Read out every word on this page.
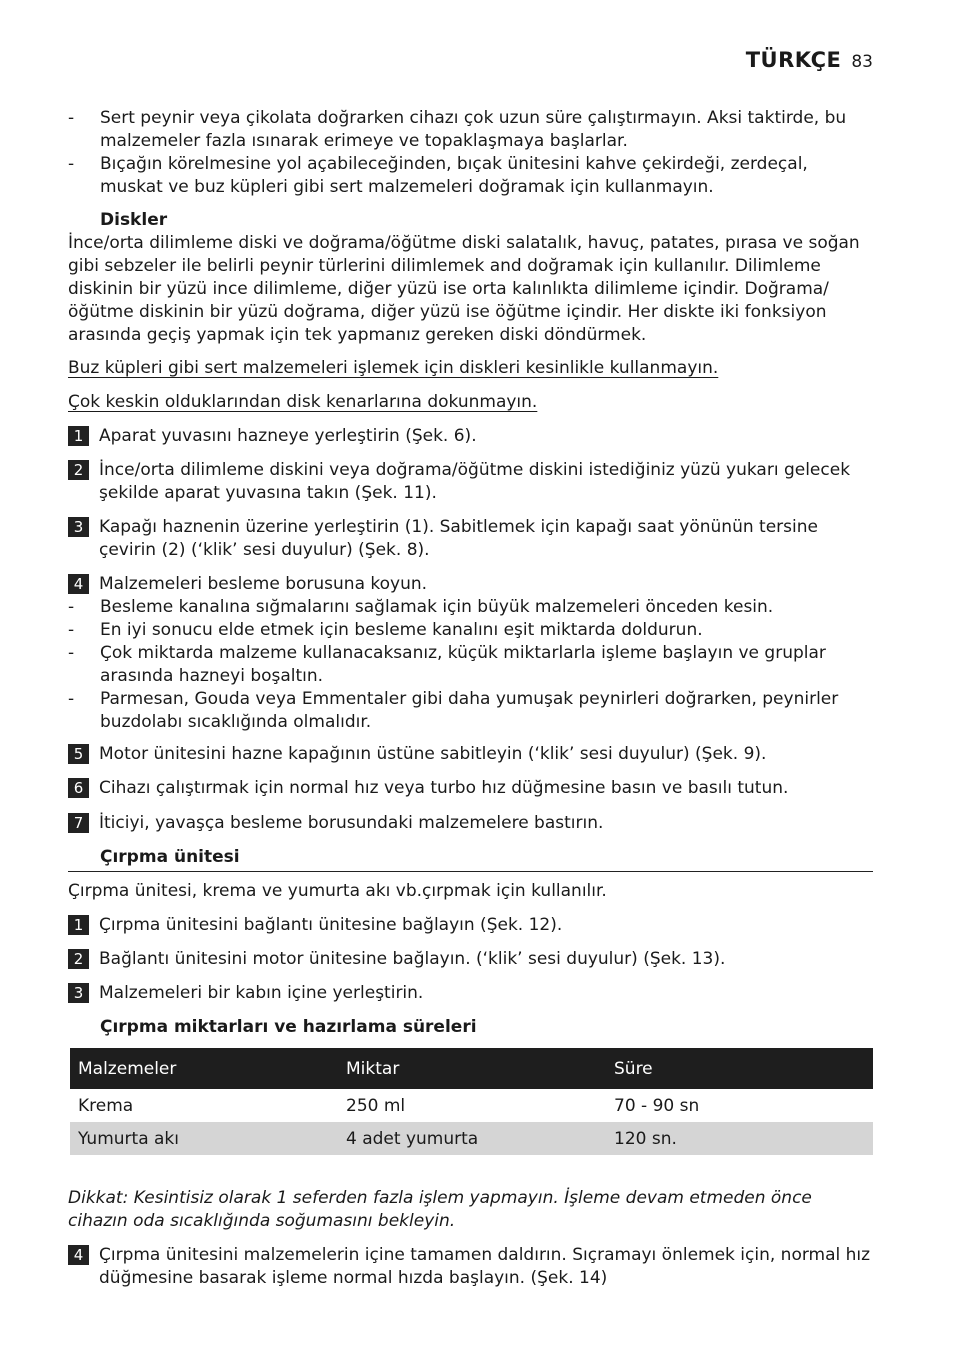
TÜRKÇE 83
-	Sert peynir veya çikolata doğrarken cihazı çok uzun süre çalıştırmayın. Aksi taktirde, bu malzemeler fazla ısınarak erimeye ve topaklaşmaya başlarlar.
-	Bıçağın körelmesine yol açabileceğinden, bıçak ünitesini kahve çekirdeği, zerdeçal, muskat ve buz küpleri gibi sert malzemeleri doğramak için kullanmayın.
Diskler
İnce/orta dilimleme diski ve doğrama/öğütme diski salatalık, havuç, patates, pırasa ve soğan gibi sebzeler ile belirli peynir türlerini dilimlemek and doğramak için kullanılır. Dilimleme diskinin bir yüzü ince dilimleme, diğer yüzü ise orta kalınlıkta dilimleme içindir. Doğrama/öğütme diskinin bir yüzü doğrama, diğer yüzü ise öğütme içindir. Her diskte iki fonksiyon arasında geçiş yapmak için tek yapmanız gereken diski döndürmek.
Buz küpleri gibi sert malzemeleri işlemek için diskleri kesinlikle kullanmayın.
Çok keskin olduklarından disk kenarlarına dokunmayın.
1 Aparat yuvasını hazneye yerleştirin (Şek. 6).
2 İnce/orta dilimleme diskini veya doğrama/öğütme diskini istediğiniz yüzü yukarı gelecek şekilde aparat yuvasına takın (Şek. 11).
3 Kapağı haznenin üzerine yerleştirin (1). Sabitlemek için kapağı saat yönünün tersine çevirin (2) (‘klik’ sesi duyulur) (Şek. 8).
4 Malzemeleri besleme borusuna koyun.
-	Besleme kanalına sığmalarını sağlamak için büyük malzemeleri önceden kesin.
-	En iyi sonucu elde etmek için besleme kanalını eşit miktarda doldurun.
-	Çok miktarda malzeme kullanacaksanız, küçük miktarlarla işleme başlayın ve gruplar arasında hazneyi boşaltın.
-	Parmesan, Gouda veya Emmentaler gibi daha yumuşak peynirleri doğrarken, peynirler buzdolabı sıcaklığında olmalıdır.
5 Motor ünitesini hazne kapağının üstüne sabitleyin (‘klik’ sesi duyulur) (Şek. 9).
6 Cihazı çalıştırmak için normal hız veya turbo hız düğmesine basın ve basılı tutun.
7 İticiyi, yavaşça besleme borusundaki malzemelere bastırın.
Çırpma ünitesi
Çırpma ünitesi, krema ve yumurta akı vb.çırpmak için kullanılır.
1 Çırpma ünitesini bağlantı ünitesine bağlayın (Şek. 12).
2 Bağlantı ünitesini motor ünitesine bağlayın. (‘klik’ sesi duyulur) (Şek. 13).
3 Malzemeleri bir kabın içine yerleştirin.
Çırpma miktarları ve hazırlama süreleri
Malzemeler	Miktar	Süre
Krema	250 ml	70 - 90 sn
Yumurta akı	4 adet yumurta	120 sn.
Dikkat: Kesintisiz olarak 1 seferden fazla işlem yapmayın. İşleme devam etmeden önce cihazın oda sıcaklığında soğumasını bekleyin.
4 Çırpma ünitesini malzemelerin içine tamamen daldırın. Sıçramayı önlemek için, normal hız düğmesine basarak işleme normal hızda başlayın. (Şek. 14)
